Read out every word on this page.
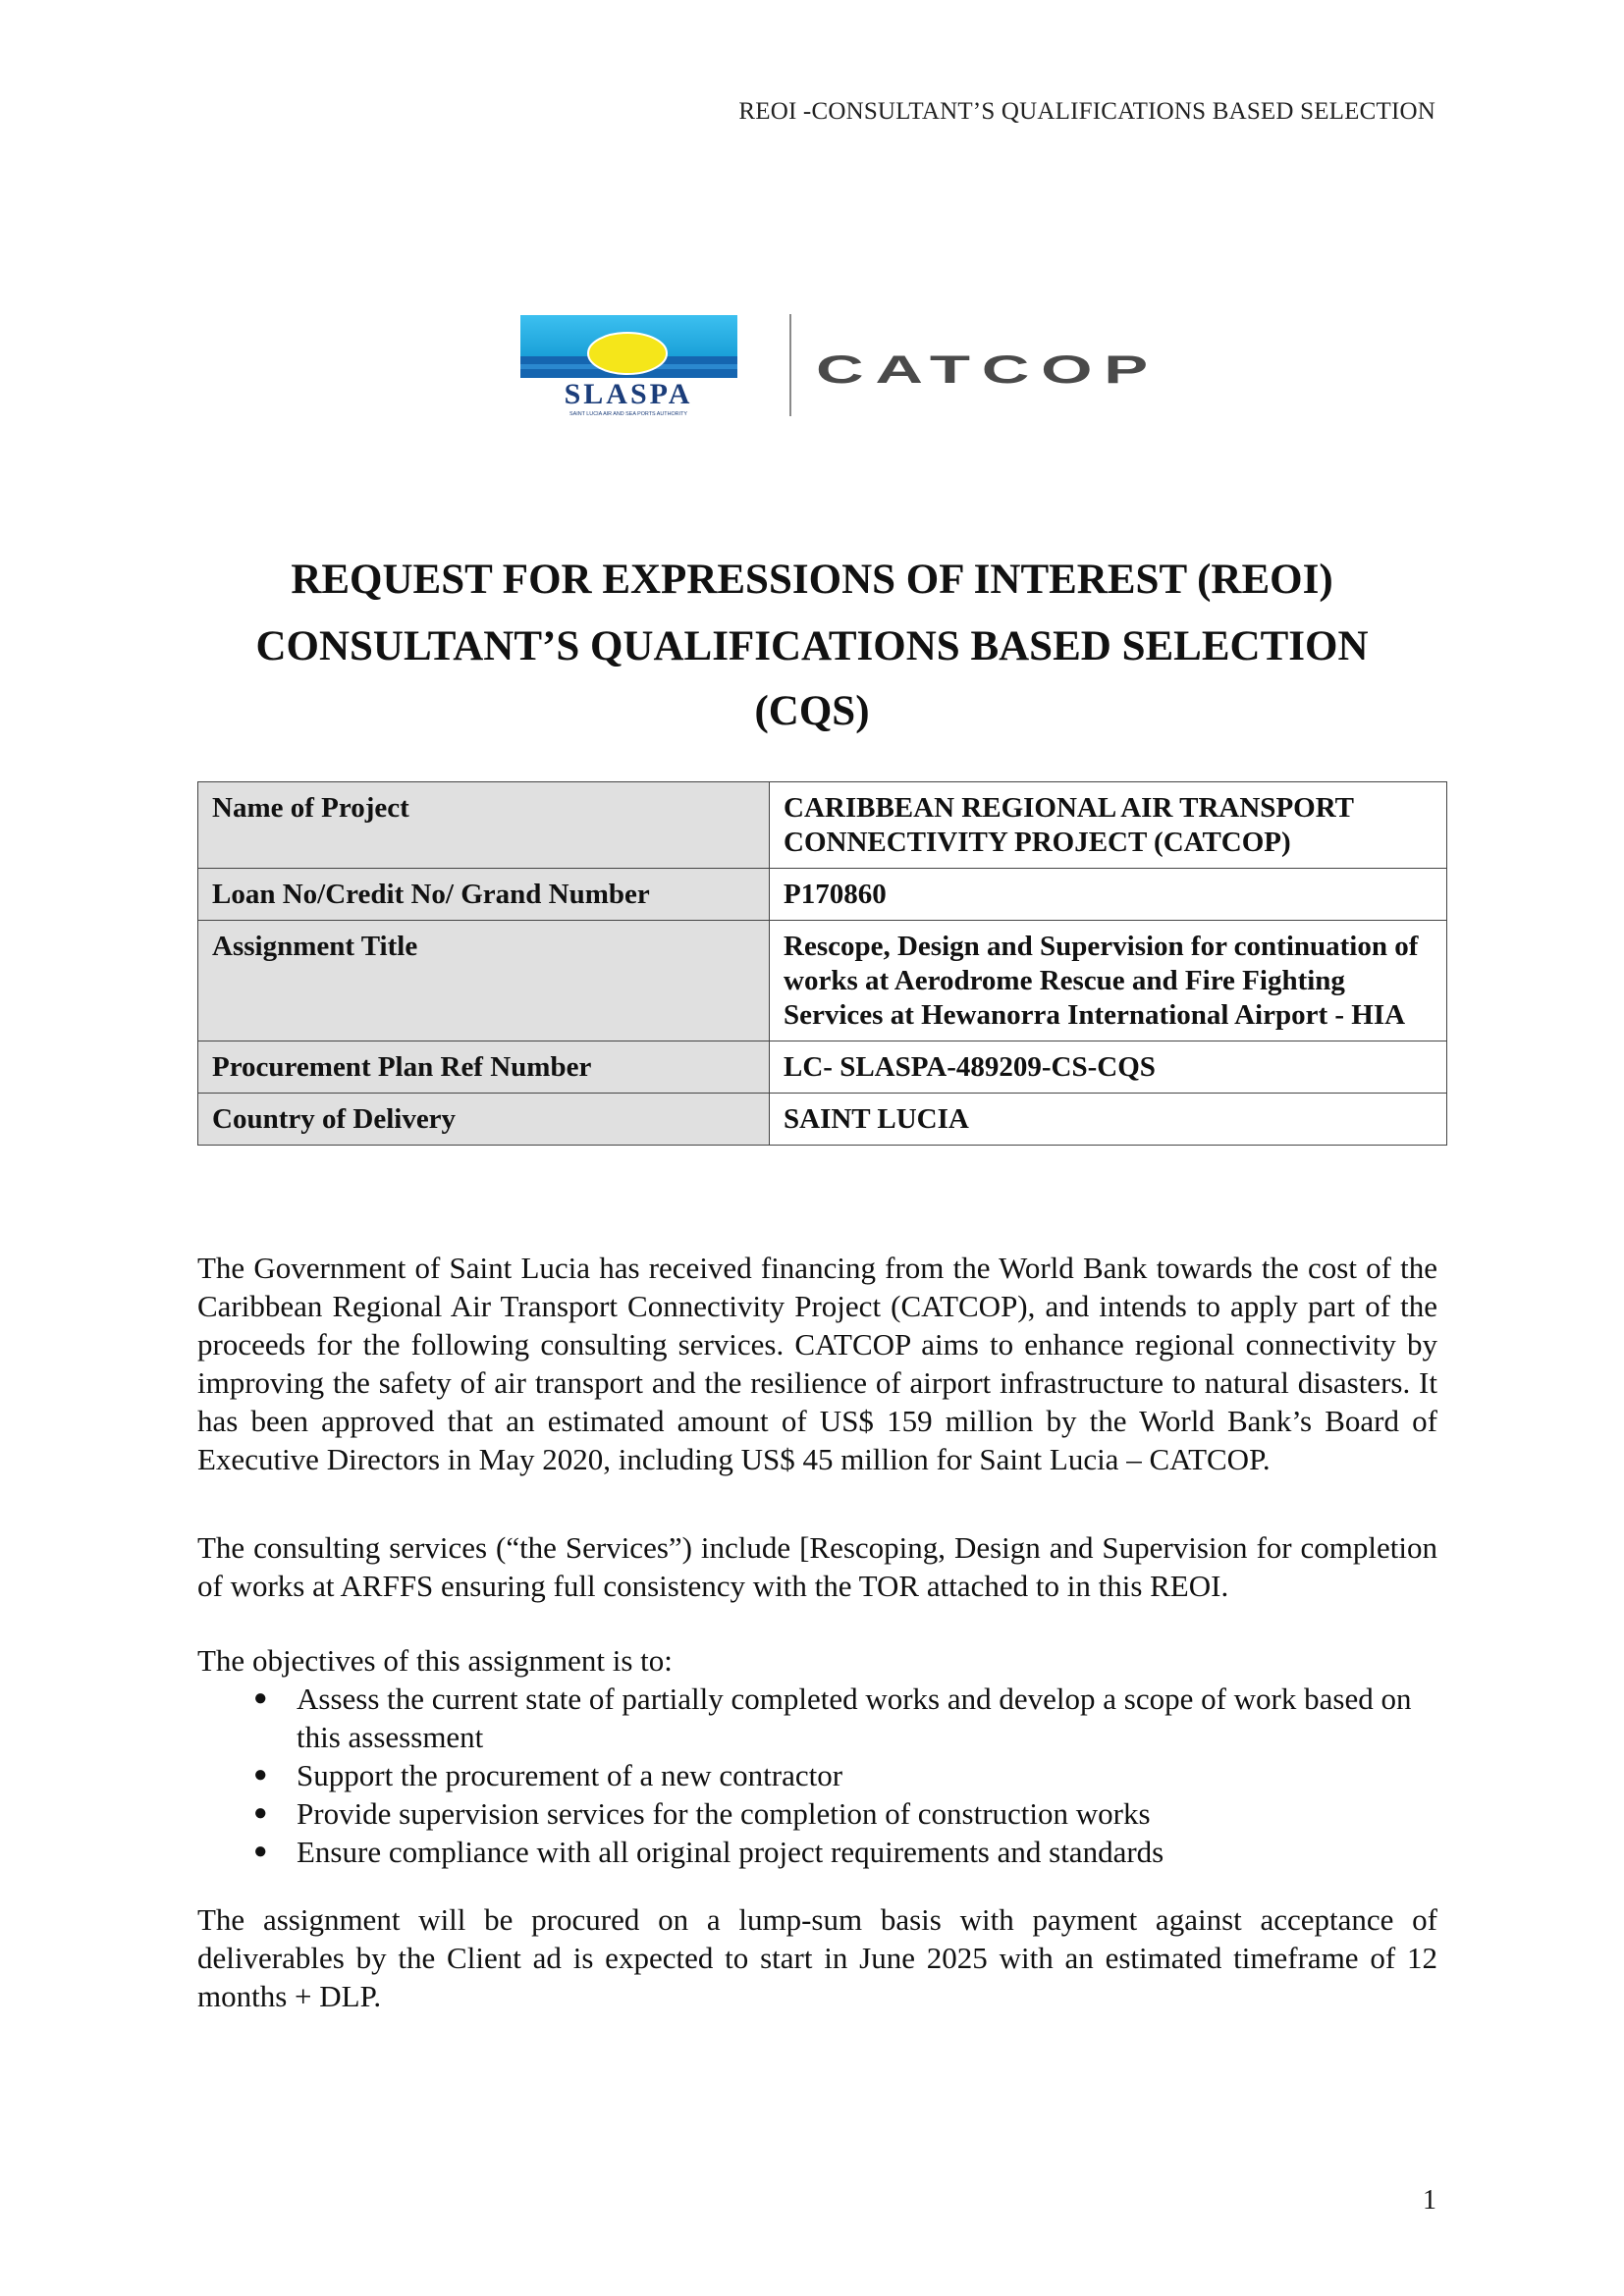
REOI -CONSULTANT’S QUALIFICATIONS BASED SELECTION
SLASPA
SAINT LUCIA AIR AND SEA PORTS AUTHORITY
CATCOP
REQUEST FOR EXPRESSIONS OF INTEREST (REOI)
CONSULTANT’S QUALIFICATIONS BASED SELECTION (CQS)
Name of Project	CARIBBEAN REGIONAL AIR TRANSPORT CONNECTIVITY PROJECT (CATCOP)
Loan No/Credit No/ Grand Number	P170860
Assignment Title	Rescope, Design and Supervision for continuation of works at Aerodrome Rescue and Fire Fighting Services at Hewanorra International Airport - HIA
Procurement Plan Ref Number	LC- SLASPA-489209-CS-CQS
Country of Delivery	SAINT LUCIA

The Government of Saint Lucia has received financing from the World Bank towards the cost of the Caribbean Regional Air Transport Connectivity Project (CATCOP), and intends to apply part of the proceeds for the following consulting services. CATCOP aims to enhance regional connectivity by improving the safety of air transport and the resilience of airport infrastructure to natural disasters. It has been approved that an estimated amount of US$ 159 million by the World Bank’s Board of Executive Directors in May 2020, including US$ 45 million for Saint Lucia – CATCOP.

The consulting services (“the Services”) include [Rescoping, Design and Supervision for completion of works at ARFFS ensuring full consistency with the TOR attached to in this REOI.

The objectives of this assignment is to:

● Assess the current state of partially completed works and develop a scope of work based on this assessment
● Support the procurement of a new contractor
● Provide supervision services for the completion of construction works
● Ensure compliance with all original project requirements and standards

The assignment will be procured on a lump-sum basis with payment against acceptance of deliverables by the Client ad is expected to start in June 2025 with an estimated timeframe of 12 months + DLP.

1
